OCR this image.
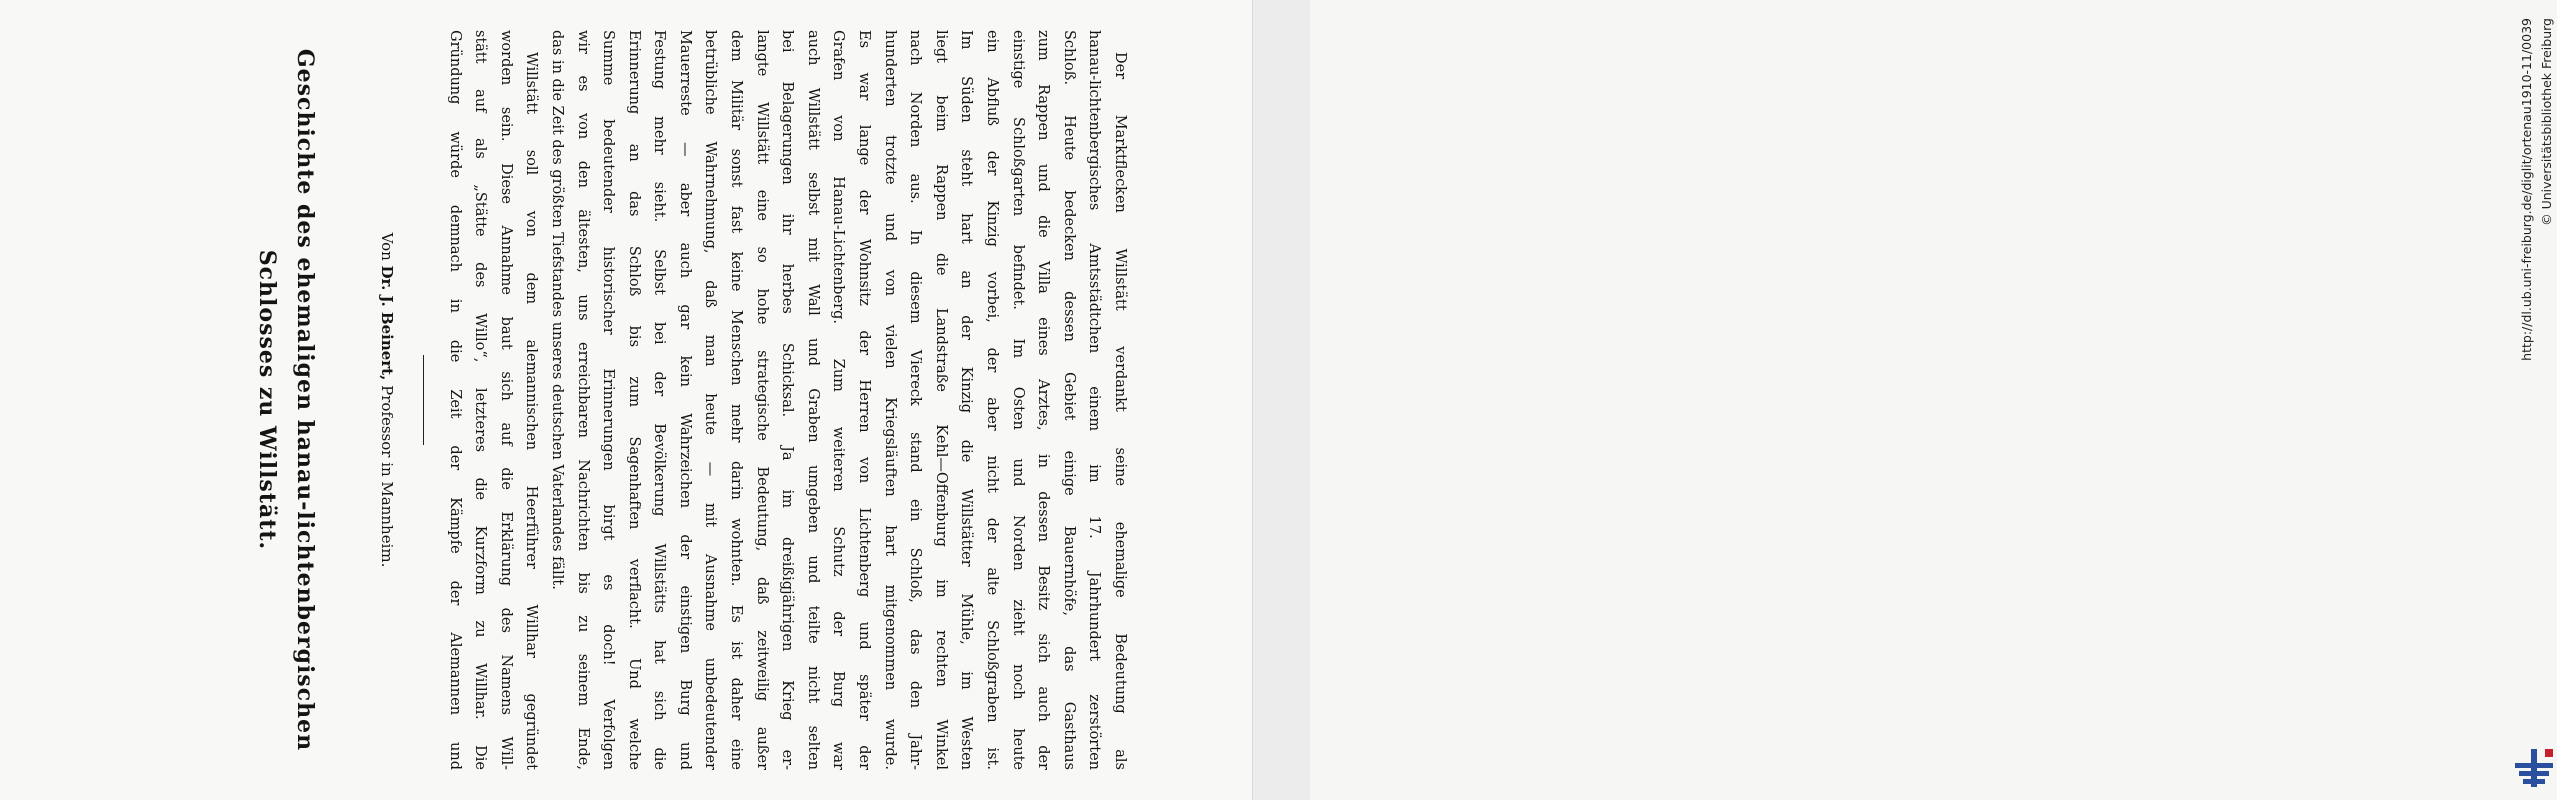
Geschichte des ehemaligen hanau-lichtenbergischen
Schlosses zu Willstätt.

Von Dr. J. Beinert, Professor in Mannheim.	Der Marktflecken Willstätt verdankt seine ehemalige Bedeutung als

hanau-lichtenbergisches Amtsstädtchen einem im 17. Jahrhundert zerstörten

Schloß. Heute bedecken dessen Gebiet einige Bauernhöfe, das Gasthaus

zum Rappen und die Villa eines Arztes, in dessen Besitz sich auch der

einstige Schloßgarten befindet. Im Osten und Norden zieht noch heute

ein Abfluß der Kinzig vorbei, der aber nicht der alte Schloßgraben ist.

Im Süden steht hart an der Kinzig die Willstätter Mühle, im Westen

liegt beim Rappen die Landstraße Kehl—Offenburg im rechten Winkel

nach Norden aus. In diesem Viereck stand ein Schloß, das den Jahr-

hunderten trotzte und von vielen Kriegsläuften hart mitgenommen wurde.

Es war lange der Wohnsitz der Herren von Lichtenberg und später der

Grafen von Hanau-Lichtenberg. Zum weiteren Schutz der Burg war

auch Willstätt selbst mit Wall und Graben umgeben und teilte nicht selten

bei Belagerungen ihr herbes Schicksal. Ja im dreißigjährigen Krieg er-

langte Willstätt eine so hohe strategische Bedeutung, daß zeitweilig außer

dem Militär sonst fast keine Menschen mehr darin wohnten. Es ist daher eine

betrübliche Wahrnehmung, daß man heute — mit Ausnahme unbedeutender

Mauerreste — aber auch gar kein Wahrzeichen der einstigen Burg und

Festung mehr sieht. Selbst bei der Bevölkerung Willstätts hat sich die

Erinnerung an das Schloß bis zum Sagenhaften verflacht. Und welche

Summe bedeutender historischer Erinnerungen birgt es doch! Verfolgen

wir es von den ältesten, uns erreichbaren Nachrichten bis zu seinem Ende,

das in die Zeit des größten Tiefstandes unseres deutschen Vaterlandes fällt.

Willstätt soll von dem alemannischen Heerführer Willhar gegründet

worden sein. Diese Annahme baut sich auf die Erklärung des Namens Will-

stätt auf als „Stätte des Willo“, letzteres die Kurzform zu Willhar. Die

Gründung würde demnach in die Zeit der Kämpfe der Alemannen und	http://dl.ub.uni-freiburg.de/diglit/ortenau1910-11/0039 © Universitätsbibliothek Freiburg
